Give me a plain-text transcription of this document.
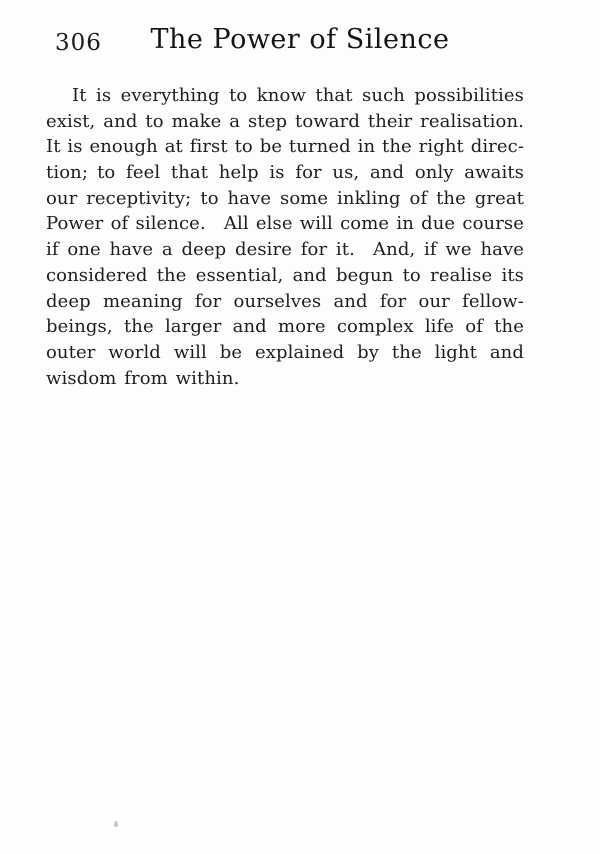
306	The Power of Silence
It is everything to know that such possibilities
exist, and to make a step toward their realisation.
It is enough at first to be turned in the right direc-
tion; to feel that help is for us, and only awaits
our receptivity; to have some inkling of the great
Power of silence. All else will come in due course
if one have a deep desire for it. And, if we have
considered the essential, and begun to realise its
deep meaning for ourselves and for our fellow-
beings, the larger and more complex life of the
outer world will be explained by the light and
wisdom from within.
